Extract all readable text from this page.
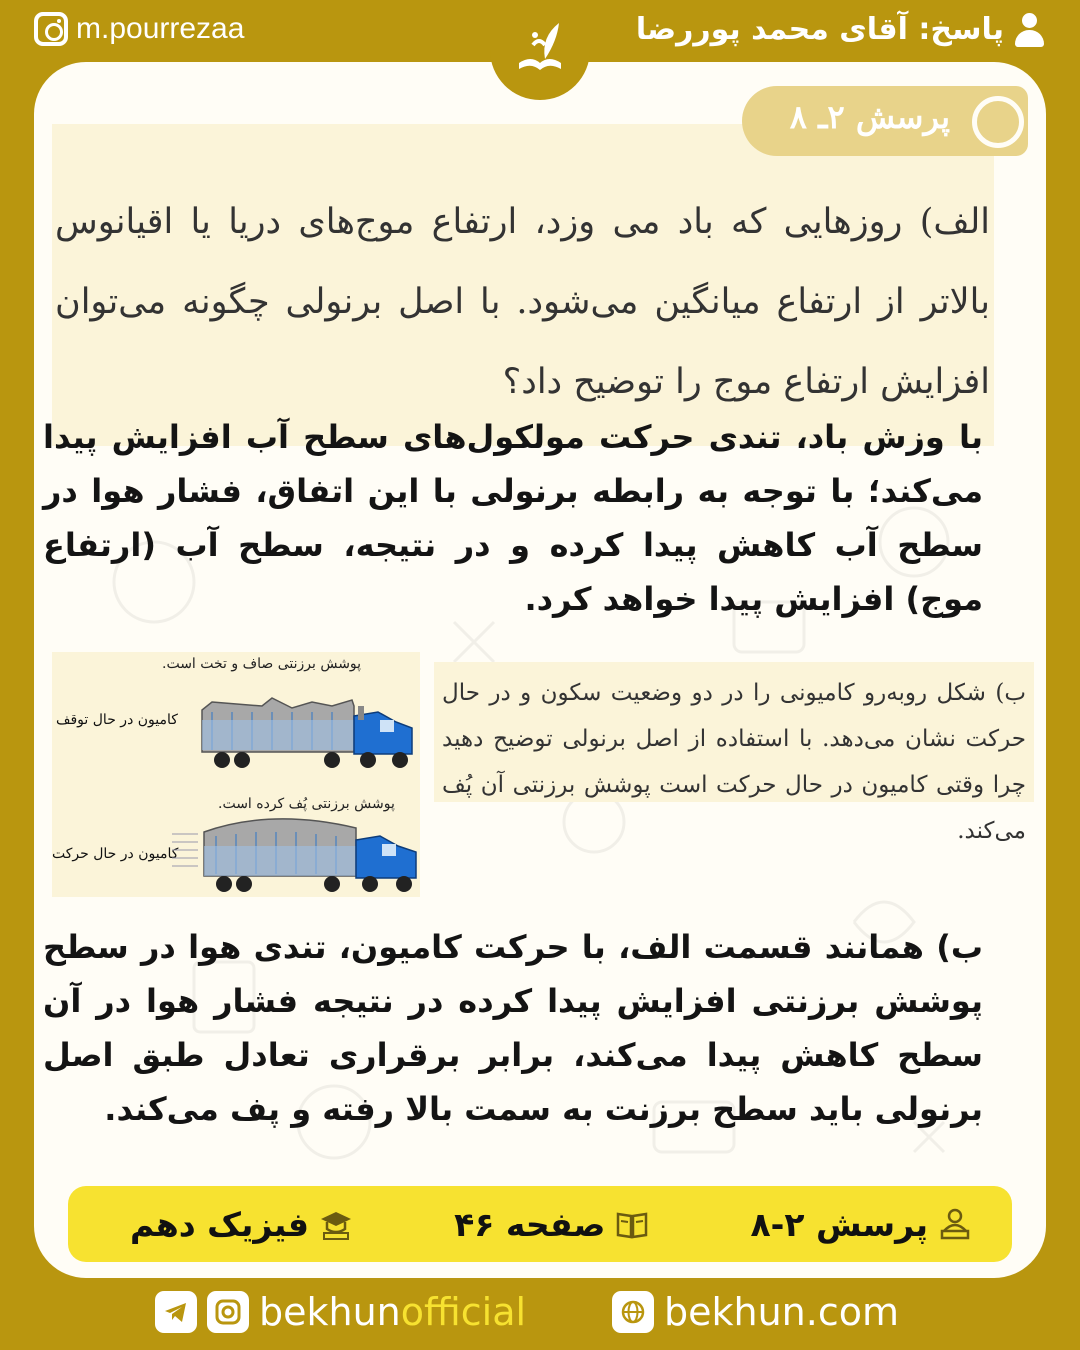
m.pourrezaa	پاسخ: آقای محمد پوررضا
پرسش ۲ـ ۸
الف) روزهایی که باد می وزد، ارتفاع موج‌های دریا یا اقیانوس بالاتر از ارتفاع میانگین می‌شود. با اصل برنولی چگونه می‌توان افزایش ارتفاع موج را توضیح داد؟
با وزش باد، تندی حرکت مولکول‌های سطح آب افزایش پیدا می‌کند؛ با توجه به رابطه برنولی با این اتفاق، فشار هوا در سطح آب کاهش پیدا کرده و در نتیجه، سطح آب (ارتفاع موج) افزایش پیدا خواهد کرد.
پوشش برزنتی صاف و تخت است.
کامیون در حال توقف
پوشش برزنتی پُف کرده است.
کامیون در حال حرکت
ب) شکل روبه‌رو کامیونی را در دو وضعیت سکون و در حال حرکت نشان می‌دهد. با استفاده از اصل برنولی توضیح دهید چرا وقتی کامیون در حال حرکت است پوشش برزنتی آن پُف می‌کند.
ب) همانند قسمت الف، با حرکت کامیون، تندی هوا در سطح پوشش برزنتی افزایش پیدا کرده در نتیجه فشار هوا در آن سطح کاهش پیدا می‌کند، برابر برقراری تعادل طبق اصل برنولی باید سطح برزنت به سمت بالا رفته و پف می‌کند.
پرسش ۲-۸
صفحه ۴۶
فیزیک دهم
bekhunofficial	bekhun.com
